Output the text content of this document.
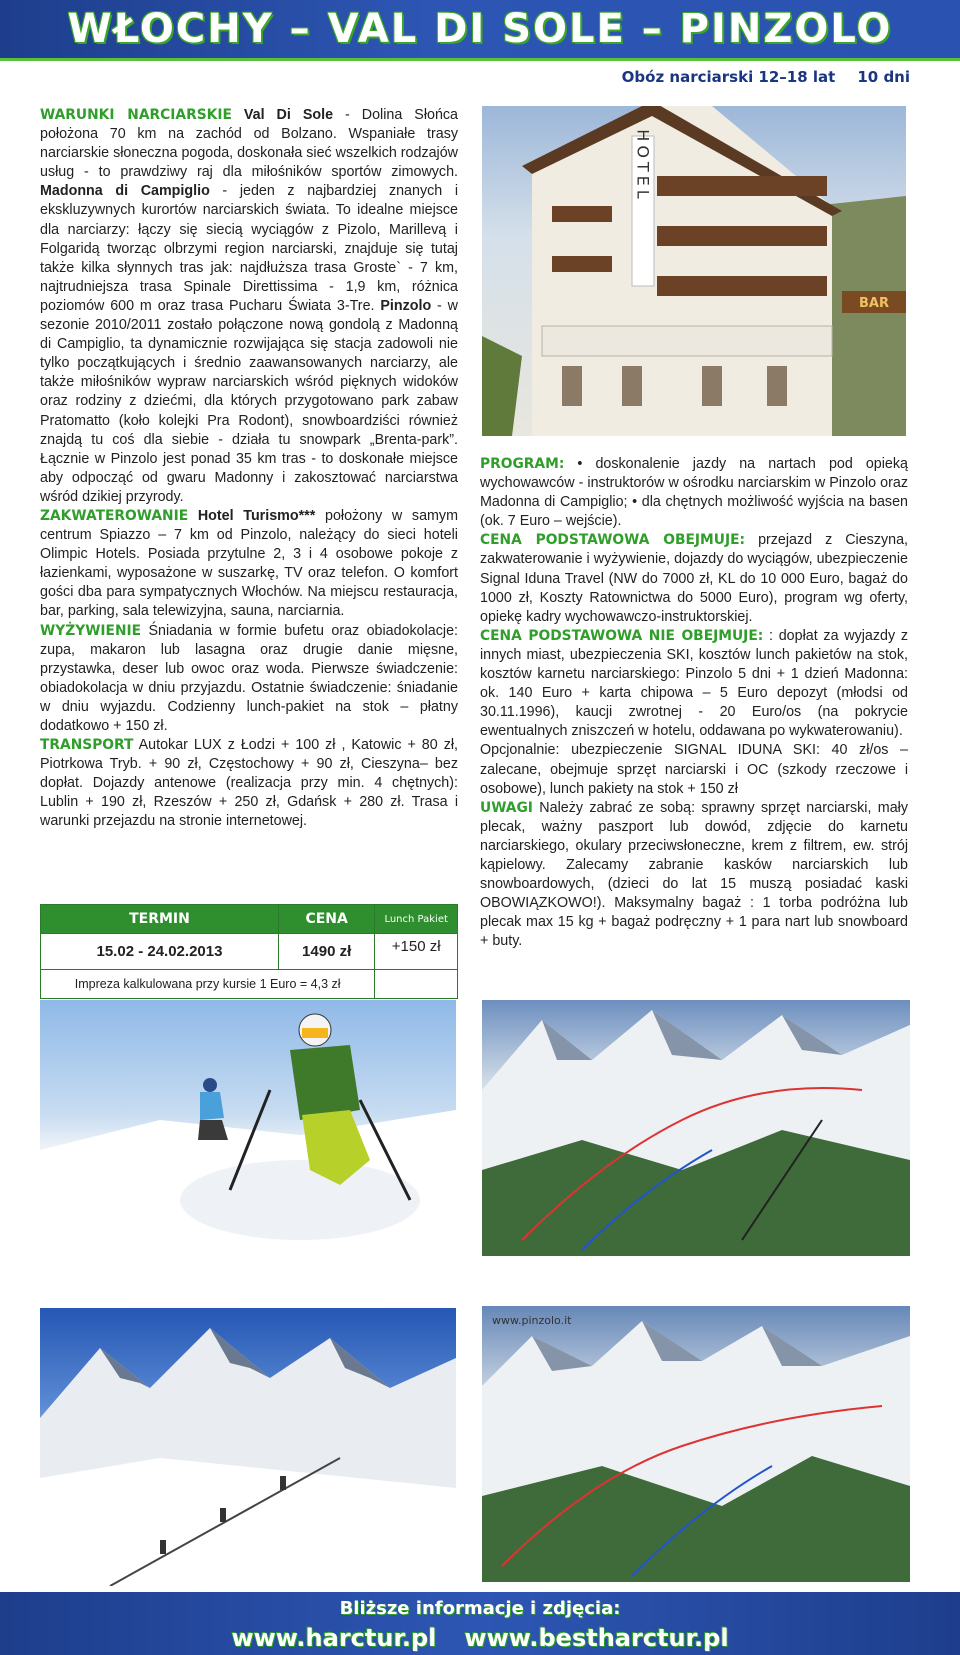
WŁOCHY – VAL DI SOLE – PINZOLO
Obóz narciarski 12–18 lat 10 dni

WARUNKI NARCIARSKIE Val Di Sole - Dolina Słońca położona 70 km na zachód od Bolzano. Wspaniałe trasy narciarskie słoneczna pogoda, doskonała sieć wszelkich rodzajów usług - to prawdziwy raj dla miłośników sportów zimowych. Madonna di Campiglio - jeden z najbardziej znanych i ekskluzywnych kurortów narciarskich świata. To idealne miejsce dla narciarzy: łączy się siecią wyciągów z Pizolo, Marillevą i Folgaridą tworząc olbrzymi region narciarski, znajduje się tutaj także kilka słynnych tras jak: najdłuższa trasa Groste` - 7 km, najtrudniejsza trasa Spinale Direttissima - 1,9 km, różnica poziomów 600 m oraz trasa Pucharu Świata 3-Tre. Pinzolo - w sezonie 2010/2011 zostało połączone nową gondolą z Madonną di Campiglio, ta dynamicznie rozwijająca się stacja zadowoli nie tylko początkujących i średnio zaawansowanych narciarzy, ale także miłośników wypraw narciarskich wśród pięknych widoków oraz rodziny z dziećmi, dla których przygotowano park zabaw Pratomatto (koło kolejki Pra Rodont), snowboardziści również znajdą tu coś dla siebie - działa tu snowpark „Brenta-park”. Łącznie w Pinzolo jest ponad 35 km tras - to doskonałe miejsce aby odpocząć od gwaru Madonny i zakosztować narciarstwa wśród dzikiej przyrody.

ZAKWATEROWANIE Hotel Turismo*** położony w samym centrum Spiazzo – 7 km od Pinzolo, należący do sieci hoteli Olimpic Hotels. Posiada przytulne 2, 3 i 4 osobowe pokoje z łazienkami, wyposażone w suszarkę, TV oraz telefon. O komfort gości dba para sympatycznych Włochów. Na miejscu restauracja, bar, parking, sala telewizyjna, sauna, narciarnia.

WYŻYWIENIE Śniadania w formie bufetu oraz obiadokolacje: zupa, makaron lub lasagna oraz drugie danie mięsne, przystawka, deser lub owoc oraz woda. Pierwsze świadczenie: obiadokolacja w dniu przyjazdu. Ostatnie świadczenie: śniadanie w dniu wyjazdu. Codzienny lunch-pakiet na stok – płatny dodatkowo + 150 zł.

TRANSPORT Autokar LUX z Łodzi + 100 zł , Katowic + 80 zł, Piotrkowa Tryb. + 90 zł, Częstochowy + 90 zł, Cieszyna– bez dopłat. Dojazdy antenowe (realizacja przy min. 4 chętnych): Lublin + 190 zł, Rzeszów + 250 zł, Gdańsk + 280 zł. Trasa i warunki przejazdu na stronie internetowej.

TERMIN	CENA	Lunch Pakiet
15.02 - 24.02.2013	1490 zł	+150 zł
Impreza kalkulowana przy kursie 1 Euro = 4,3 zł		
HOTEL
BAR

PROGRAM: • doskonalenie jazdy na nartach pod opieką wychowawców - instruktorów w ośrodku narciarskim w Pinzolo oraz Madonna di Campiglio; • dla chętnych możliwość wyjścia na basen (ok. 7 Euro – wejście).

CENA PODSTAWOWA OBEJMUJE: przejazd z Cieszyna, zakwaterowanie i wyżywienie, dojazdy do wyciągów, ubezpieczenie Signal Iduna Travel (NW do 7000 zł, KL do 10 000 Euro, bagaż do 1000 zł, Koszty Ratownictwa do 5000 Euro), program wg oferty, opiekę kadry wychowawczo-instruktorskiej.

CENA PODSTAWOWA NIE OBEJMUJE: : dopłat za wyjazdy z innych miast, ubezpieczenia SKI, kosztów lunch pakietów na stok, kosztów karnetu narciarskiego: Pinzolo 5 dni + 1 dzień Madonna: ok. 140 Euro + karta chipowa – 5 Euro depozyt (młodsi od 30.11.1996), kaucji zwrotnej - 20 Euro/os (na pokrycie ewentualnych zniszczeń w hotelu, oddawana po wykwaterowaniu).

Opcjonalnie: ubezpieczenie SIGNAL IDUNA SKI: 40 zł/os – zalecane, obejmuje sprzęt narciarski i OC (szkody rzeczowe i osobowe), lunch pakiety na stok + 150 zł

UWAGI Należy zabrać ze sobą: sprawny sprzęt narciarski, mały plecak, ważny paszport lub dowód, zdjęcie do karnetu narciarskiego, okulary przeciwsłoneczne, krem z filtrem, ew. strój kąpielowy. Zalecamy zabranie kasków narciarskich lub snowboardowych, (dzieci do lat 15 muszą posiadać kaski OBOWIĄZKOWO!). Maksymalny bagaż : 1 torba podróżna lub plecak max 15 kg + bagaż podręczny + 1 para nart lub snowboard + buty.

www.pinzolo.it
Bliższe informacje i zdjęcia:
www.harctur.pl www.bestharctur.pl
